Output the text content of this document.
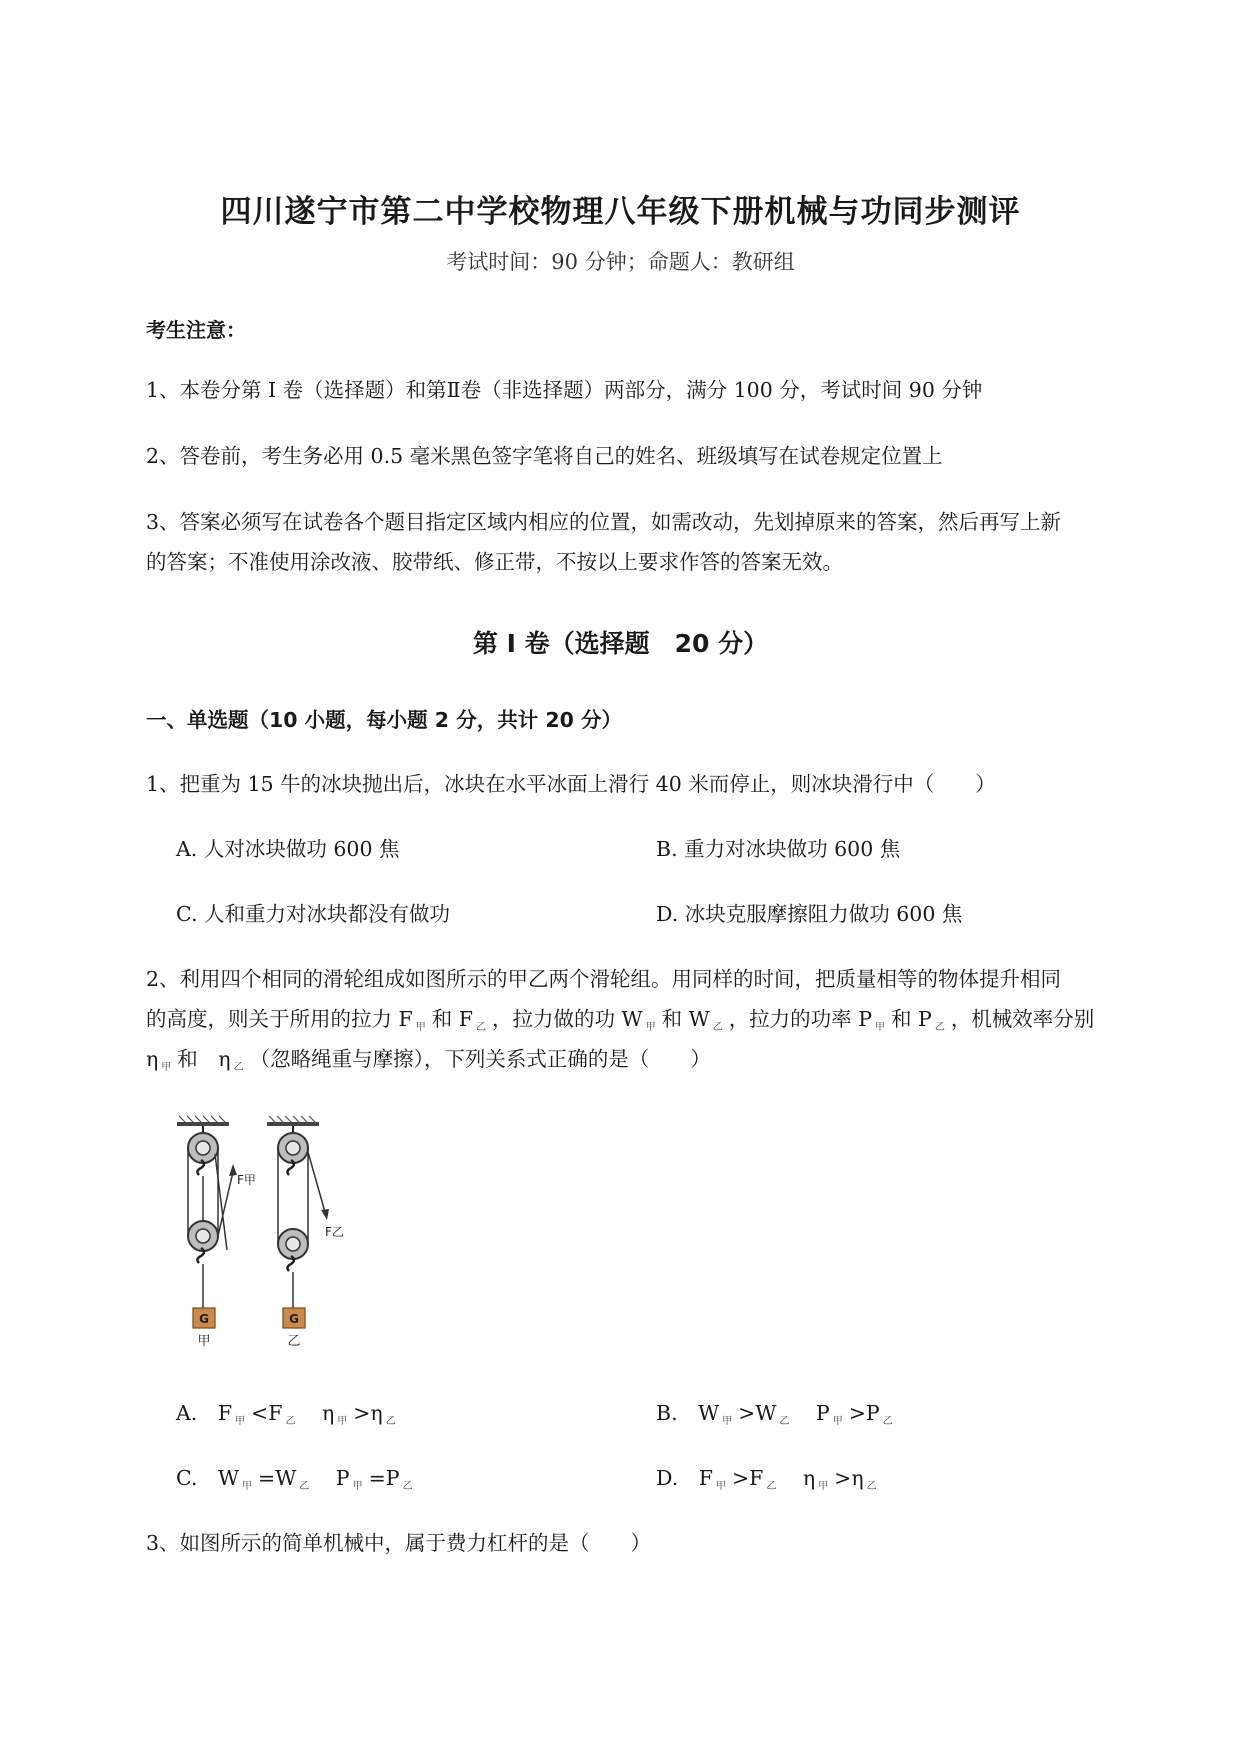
四川遂宁市第二中学校物理八年级下册机械与功同步测评
考试时间：90 分钟；命题人：教研组
考生注意：
1、本卷分第 I 卷（选择题）和第Ⅱ卷（非选择题）两部分，满分 100 分，考试时间 90 分钟
2、答卷前，考生务必用 0.5 毫米黑色签字笔将自己的姓名、班级填写在试卷规定位置上
3、答案必须写在试卷各个题目指定区域内相应的位置，如需改动，先划掉原来的答案，然后再写上新
的答案；不准使用涂改液、胶带纸、修正带，不按以上要求作答的答案无效。
第 I 卷（选择题　20 分）
一、单选题（10 小题，每小题 2 分，共计 20 分）
1、把重为 15 牛的冰块抛出后，冰块在水平冰面上滑行 40 米而停止，则冰块滑行中（　　）
A. 人对冰块做功 600 焦	B. 重力对冰块做功 600 焦
C. 人和重力对冰块都没有做功	D. 冰块克服摩擦阻力做功 600 焦
2、利用四个相同的滑轮组成如图所示的甲乙两个滑轮组。用同样的时间，把质量相等的物体提升相同
的高度，则关于所用的拉力 F $_甲$ 和 F $_乙$ ，拉力做的功 W $_甲$ 和 W $_乙$ ，拉力的功率 P $_甲$ 和 P $_乙$ ，机械效率分别
η $_甲$ 和　η $_乙$ （忽略绳重与摩擦），下列关系式正确的是（　　）
F甲
G
甲
F乙
G
乙
A.　F $_甲$ <F $_乙$　η $_甲$ >η $_乙$	B.　W $_甲$ >W $_乙$　P $_甲$ >P $_乙$
C.　W $_甲$ =W $_乙$　P $_甲$ =P $_乙$	D.　F $_甲$ >F $_乙$　η $_甲$ >η $_乙$
3、如图所示的简单机械中，属于费力杠杆的是（　　）
